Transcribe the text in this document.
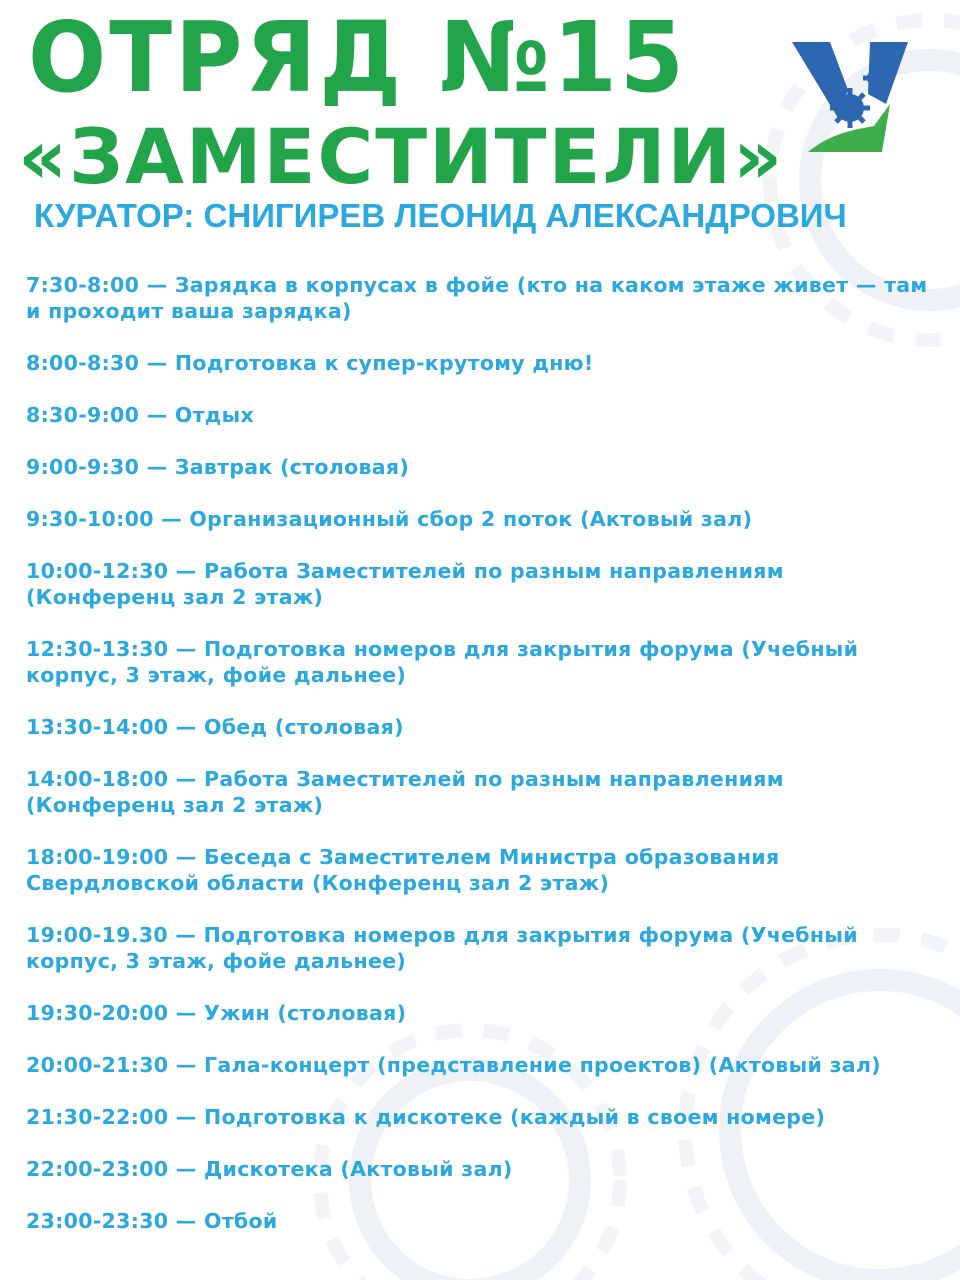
ОТРЯД №15
«ЗАМЕСТИТЕЛИ»

КУРАТОР: СНИГИРЕВ ЛЕОНИД АЛЕКСАНДРОВИЧ

7:30-8:00 — Зарядка в корпусах в фойе (кто на каком этаже живет — там и проходит ваша зарядка)
8:00-8:30 — Подготовка к супер-крутому дню!
8:30-9:00 — Отдых
9:00-9:30 — Завтрак (столовая)
9:30-10:00 — Организационный сбор 2 поток (Актовый зал)
10:00-12:30 — Работа Заместителей по разным направлениям (Конференц зал 2 этаж)
12:30-13:30 — Подготовка номеров для закрытия форума (Учебный корпус, 3 этаж, фойе дальнее)
13:30-14:00 — Обед (столовая)
14:00-18:00 — Работа Заместителей по разным направлениям (Конференц зал 2 этаж)
18:00-19:00 — Беседа с Заместителем Министра образования Свердловской области (Конференц зал 2 этаж)
19:00-19.30 — Подготовка номеров для закрытия форума (Учебный корпус, 3 этаж, фойе дальнее)
19:30-20:00 — Ужин (столовая)
20:00-21:30 — Гала-концерт (представление проектов) (Актовый зал)
21:30-22:00 — Подготовка к дискотеке (каждый в своем номере)
22:00-23:00 — Дискотека (Актовый зал)
23:00-23:30 — Отбой
